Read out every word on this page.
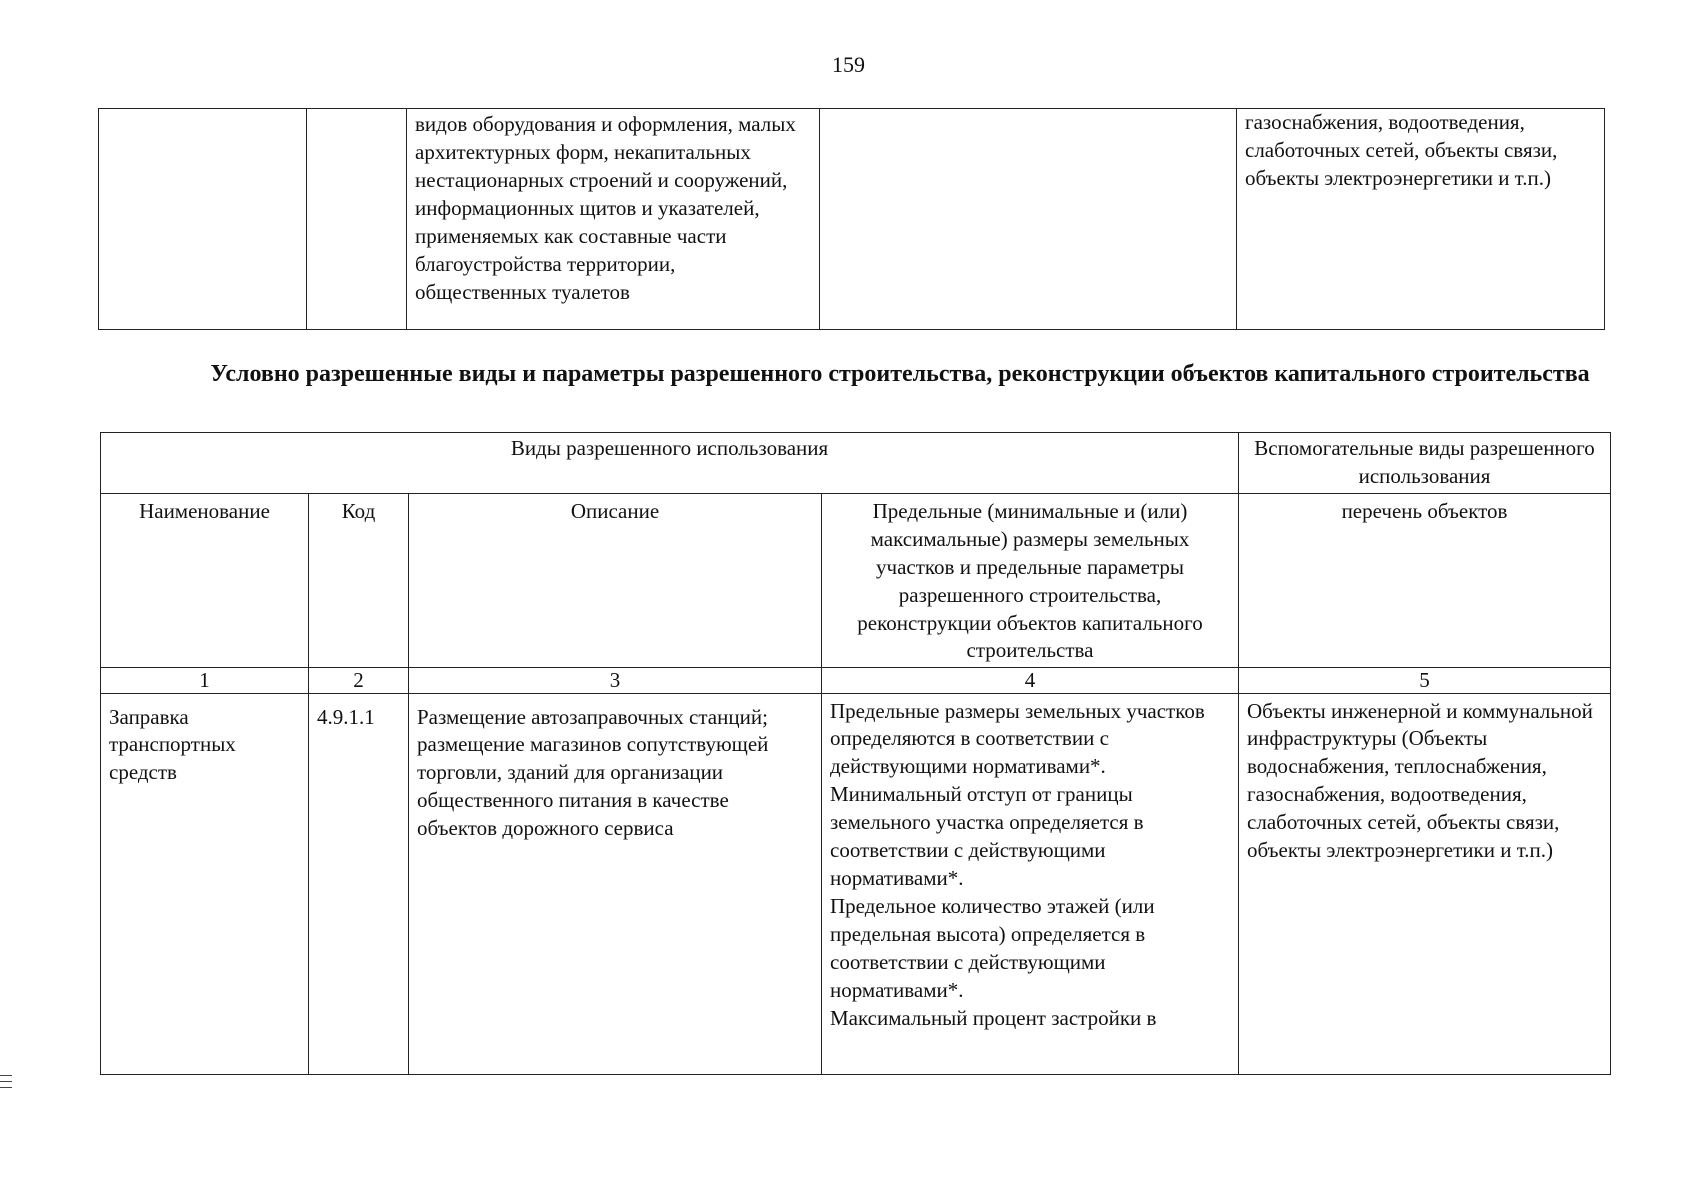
159
		видов оборудования и оформления, малых архитектурных форм, некапитальных нестационарных строений и сооружений, информационных щитов и указателей, применяемых как составные части благоустройства территории, общественных туалетов		газоснабжения, водоотведения, слаботочных сетей, объекты связи, объекты электроэнергетики и т.п.)
Условно разрешенные виды и параметры разрешенного строительства, реконструкции объектов капитального строительства
Виды разрешенного использования				Вспомогательные виды разрешенного использования
Наименование	Код	Описание	Предельные (минимальные и (или) максимальные) размеры земельных участков и предельные параметры разрешенного строительства, реконструкции объектов капитального строительства	перечень объектов
1	2	3	4	5
Заправка транспортных средств	4.9.1.1	Размещение автозаправочных станций; размещение магазинов сопутствующей торговли, зданий для организации общественного питания в качестве объектов дорожного сервиса	Предельные размеры земельных участков определяются в соответствии с действующими нормативами*.
Минимальный отступ от границы земельного участка определяется в соответствии с действующими нормативами*.
Предельное количество этажей (или предельная высота) определяется в соответствии с действующими нормативами*.
Максимальный процент застройки в	Объекты инженерной и коммунальной инфраструктуры (Объекты водоснабжения, теплоснабжения, газоснабжения, водоотведения, слаботочных сетей, объекты связи, объекты электроэнергетики и т.п.)
